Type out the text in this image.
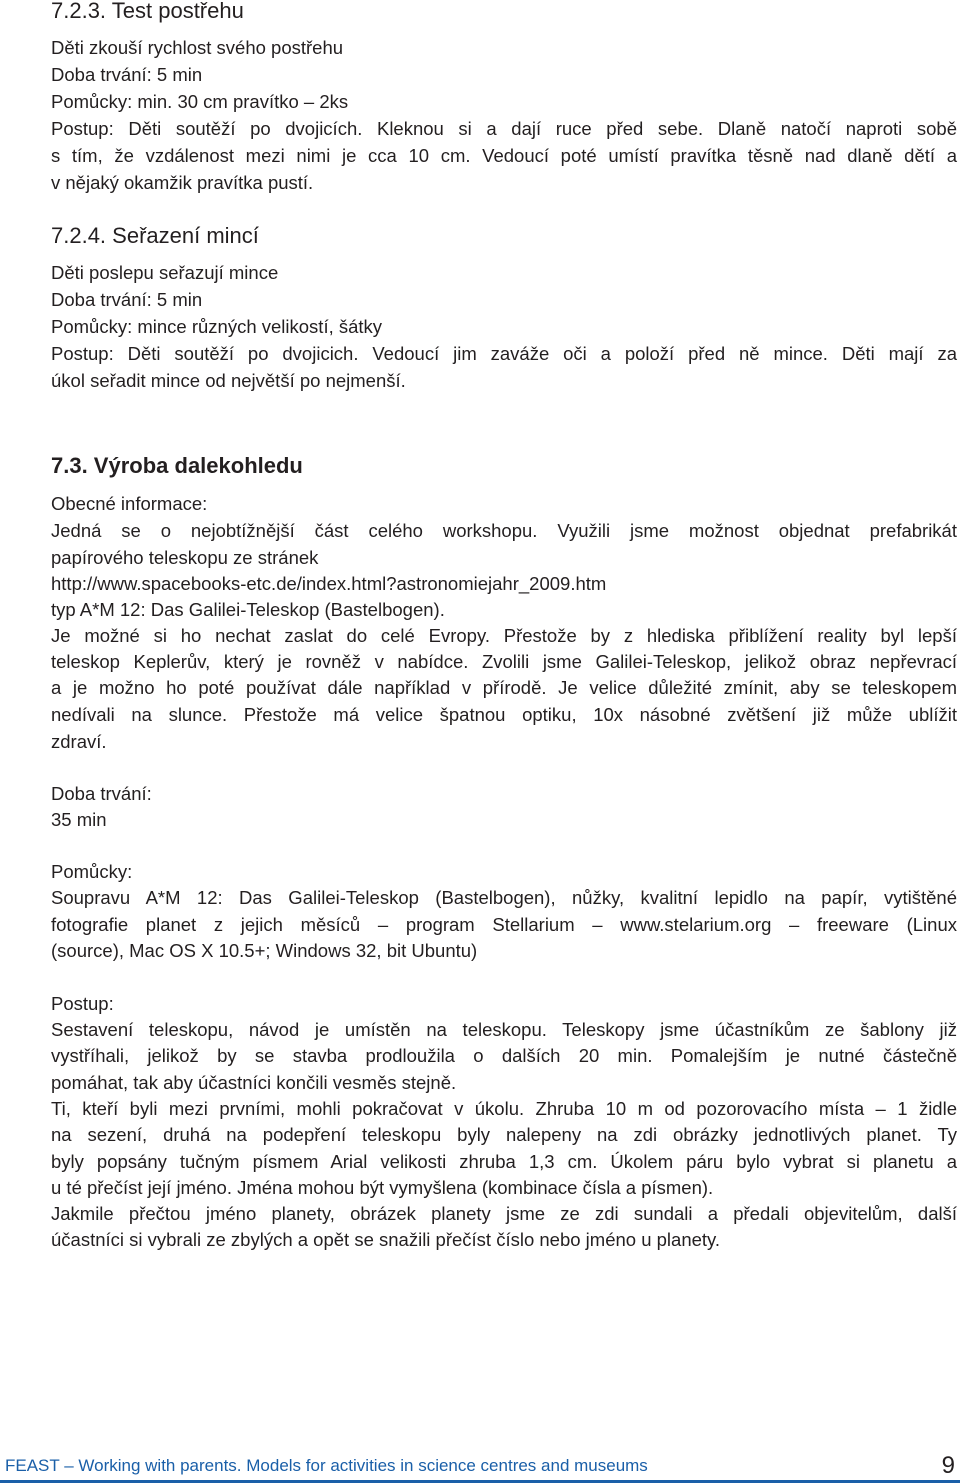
7.2.3. Test postřehu
Děti zkouší rychlost svého postřehu
Doba trvání: 5 min
Pomůcky: min. 30 cm pravítko – 2ks
Postup: Děti soutěží po dvojicích. Kleknou si a dají ruce před sebe. Dlaně natočí naproti sobě
s tím, že vzdálenost mezi nimi je cca 10 cm. Vedoucí poté umístí pravítka těsně nad dlaně dětí a
v nějaký okamžik pravítka pustí.
7.2.4. Seřazení mincí
Děti poslepu seřazují mince
Doba trvání: 5 min
Pomůcky: mince různých velikostí, šátky
Postup: Děti soutěží po dvojicich. Vedoucí jim zaváže oči a položí před ně mince. Děti mají za
úkol seřadit mince od největší po nejmenší.
7.3. Výroba dalekohledu
Obecné informace:
Jedná se o nejobtížnější část celého workshopu. Využili jsme možnost objednat prefabrikát
papírového teleskopu ze stránek
http://www.spacebooks-etc.de/index.html?astronomiejahr_2009.htm
typ A*M 12: Das Galilei-Teleskop (Bastelbogen).
Je možné si ho nechat zaslat do celé Evropy. Přestože by z hlediska přiblížení reality byl lepší
teleskop Keplerův, který je rovněž v nabídce. Zvolili jsme Galilei-Teleskop, jelikož obraz nepřevrací
a je možno ho poté používat dále například v přírodě. Je velice důležité zmínit, aby se teleskopem
nedívali na slunce. Přestože má velice špatnou optiku, 10x násobné zvětšení již může ublížit
zdraví.
Doba trvání:
35 min
Pomůcky:
Soupravu A*M 12: Das Galilei-Teleskop (Bastelbogen), nůžky, kvalitní lepidlo na papír, vytištěné
fotografie planet z jejich měsíců – program Stellarium – www.stelarium.org – freeware (Linux
(source), Mac OS X 10.5+; Windows 32, bit Ubuntu)
Postup:
Sestavení teleskopu, návod je umístěn na teleskopu. Teleskopy jsme účastníkům ze šablony již
vystříhali, jelikož by se stavba prodloužila o dalších 20 min. Pomalejším je nutné částečně
pomáhat, tak aby účastníci končili vesměs stejně.
Ti, kteří byli mezi prvními, mohli pokračovat v úkolu. Zhruba 10 m od pozorovacího místa – 1 židle
na sezení, druhá na podepření teleskopu byly nalepeny na zdi obrázky jednotlivých planet. Ty
byly popsány tučným písmem Arial velikosti zhruba 1,3 cm. Úkolem páru bylo vybrat si planetu a
u té přečíst její jméno. Jména mohou být vymyšlena (kombinace čísla a písmen).
Jakmile přečtou jméno planety, obrázek planety jsme ze zdi sundali a předali objevitelům, další
účastníci si vybrali ze zbylých a opět se snažili přečíst číslo nebo jméno u planety.
FEAST – Working with parents. Models for activities in science centres and museums	9
